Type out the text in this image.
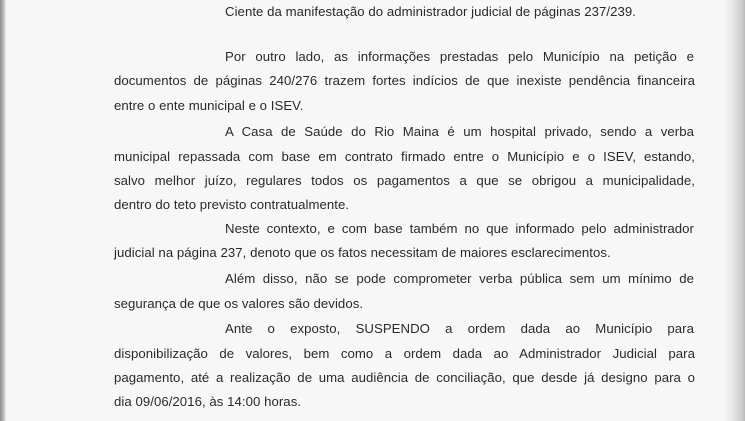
Ciente da manifestação do administrador judicial de páginas 237/239.
Por outro lado, as informações prestadas pelo Município na petição e
documentos de páginas 240/276 trazem fortes indícios de que inexiste pendência financeira
entre o ente municipal e o ISEV.
A Casa de Saúde do Rio Maina é um hospital privado, sendo a verba
municipal repassada com base em contrato firmado entre o Município e o ISEV, estando,
salvo melhor juízo, regulares todos os pagamentos a que se obrigou a municipalidade,
dentro do teto previsto contratualmente.
Neste contexto, e com base também no que informado pelo administrador
judicial na página 237, denoto que os fatos necessitam de maiores esclarecimentos.
Além disso, não se pode comprometer verba pública sem um mínimo de
segurança de que os valores são devidos.
Ante o exposto, SUSPENDO a ordem dada ao Município para
disponibilização de valores, bem como a ordem dada ao Administrador Judicial para
pagamento, até a realização de uma audiência de conciliação, que desde já designo para o
dia 09/06/2016, às 14:00 horas.
